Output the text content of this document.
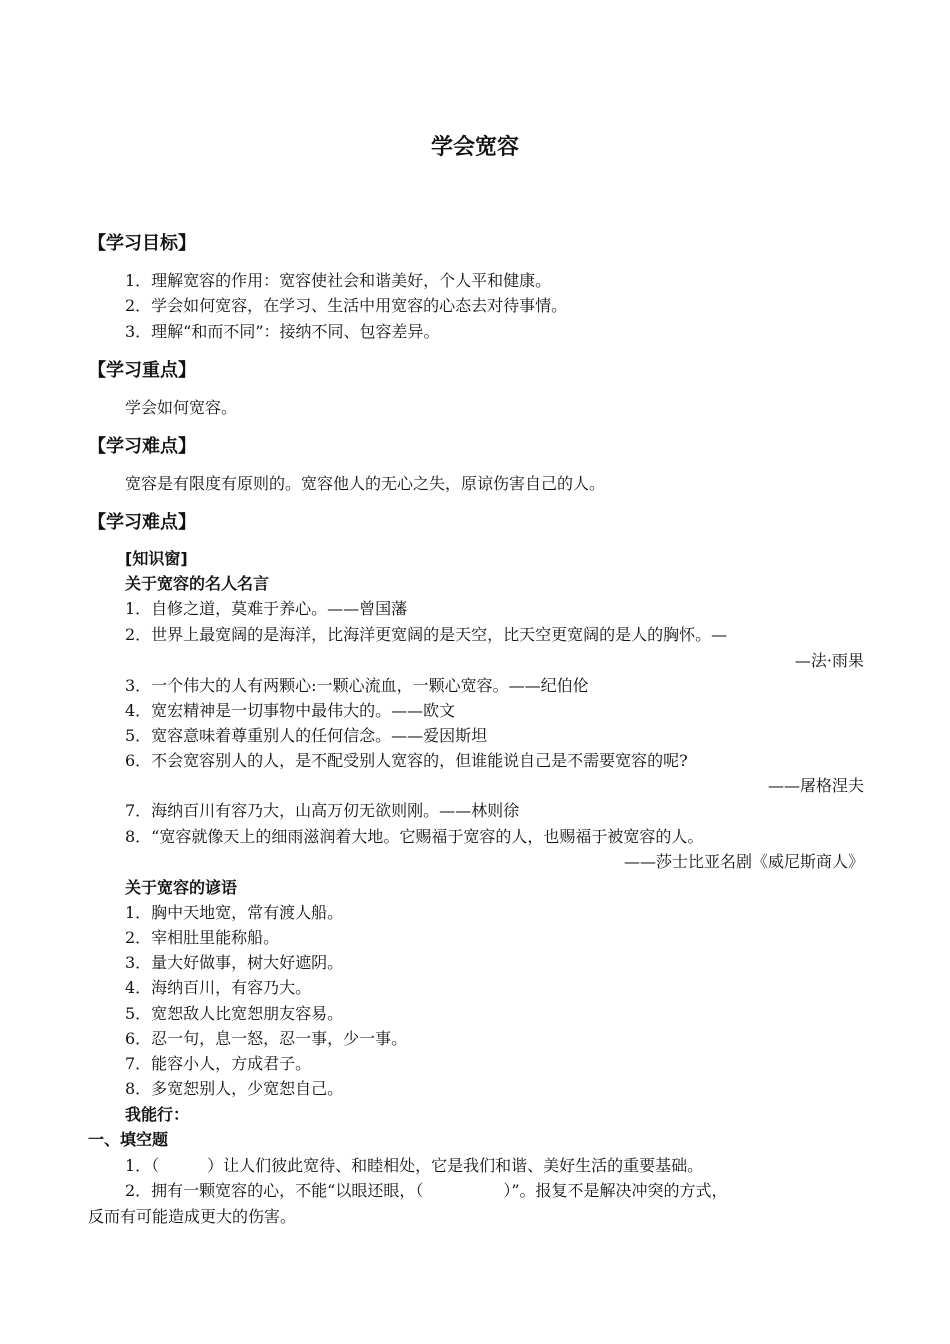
学会宽容
【学习目标】
1．理解宽容的作用：宽容使社会和谐美好，个人平和健康。
2．学会如何宽容，在学习、生活中用宽容的心态去对待事情。
3．理解“和而不同”：接纳不同、包容差异。
【学习重点】
学会如何宽容。
【学习难点】
宽容是有限度有原则的。宽容他人的无心之失，原谅伤害自己的人。
【学习难点】
[知识窗]
关于宽容的名人名言
1．自修之道，莫难于养心。——曾国藩
2．世界上最宽阔的是海洋，比海洋更宽阔的是天空，比天空更宽阔的是人的胸怀。—
—法·雨果
3．一个伟大的人有两颗心:一颗心流血，一颗心宽容。——纪伯伦
4．宽宏精神是一切事物中最伟大的。——欧文
5．宽容意味着尊重别人的任何信念。——爱因斯坦
6．不会宽容别人的人，是不配受别人宽容的，但谁能说自己是不需要宽容的呢?
——屠格涅夫
7．海纳百川有容乃大，山高万仞无欲则刚。——林则徐
8．“宽容就像天上的细雨滋润着大地。它赐福于宽容的人，也赐福于被宽容的人。
——莎士比亚名剧《威尼斯商人》
关于宽容的谚语
1．胸中天地宽，常有渡人船。
2．宰相肚里能称船。
3．量大好做事，树大好遮阴。
4．海纳百川，有容乃大。
5．宽恕敌人比宽恕朋友容易。
6．忍一句，息一怒，忍一事，少一事。
7．能容小人，方成君子。
8．多宽恕别人，少宽恕自己。
我能行：
一、填空题
1．（　　　）让人们彼此宽待、和睦相处，它是我们和谐、美好生活的重要基础。
2．拥有一颗宽容的心，不能“以眼还眼，（　　　　　）”。报复不是解决冲突的方式，
反而有可能造成更大的伤害。
